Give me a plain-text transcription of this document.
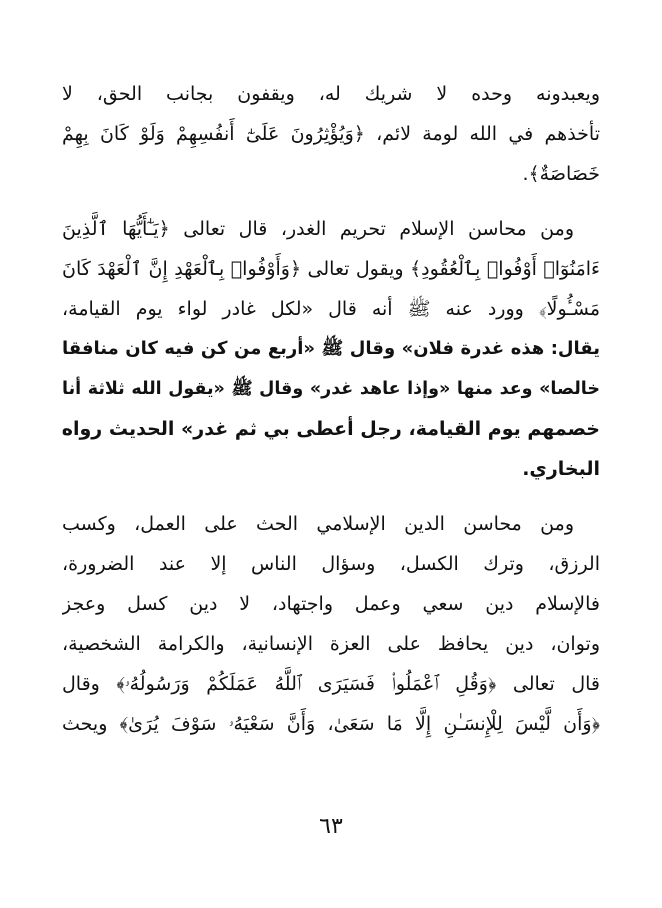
ويعبدونه وحده لا شريك له، ويقفون بجانب الحق، لا
تأخذهم في الله لومة لائم، ﴿وَيُؤْثِرُونَ عَلَىٰٓ أَنفُسِهِمْ وَلَوْ كَانَ بِهِمْ
خَصَاصَةٌ﴾.
ومن محاسن الإسلام تحريم الغدر، قال تعالى ﴿يَـٰٓأَيُّهَا ٱلَّذِينَ
ءَامَنُوٓا۟ أَوْفُوا۟ بِٱلْعُقُودِ﴾ ويقول تعالى ﴿وَأَوْفُوا۟ بِٱلْعَهْدِ إِنَّ ٱلْعَهْدَ كَانَ
مَسْـُٔولًا﴾ وورد عنه ﷺ أنه قال «لكل غادر لواء يوم القيامة،
يقال: هذه غدرة فلان» وقال ﷺ «أربع من كن فيه كان منافقا
خالصا» وعد منها «وإذا عاهد غدر» وقال ﷺ «يقول الله ثلاثة أنا
خصمهم يوم القيامة، رجل أعطى بي ثم غدر» الحديث رواه
البخاري.
ومن محاسن الدين الإسلامي الحث على العمل، وكسب
الرزق، وترك الكسل، وسؤال الناس إلا عند الضرورة،
فالإسلام دين سعي وعمل واجتهاد، لا دين كسل وعجز
وتوان، دين يحافظ على العزة الإنسانية، والكرامة الشخصية،
قال تعالى ﴿وَقُلِ ٱعْمَلُوا۟ فَسَيَرَى ٱللَّهُ عَمَلَكُمْ وَرَسُولُهُۥ﴾ وقال
﴿وَأَن لَّيْسَ لِلْإِنسَـٰنِ إِلَّا مَا سَعَىٰ، وَأَنَّ سَعْيَهُۥ سَوْفَ يُرَىٰ﴾ ويحث
٦٣
